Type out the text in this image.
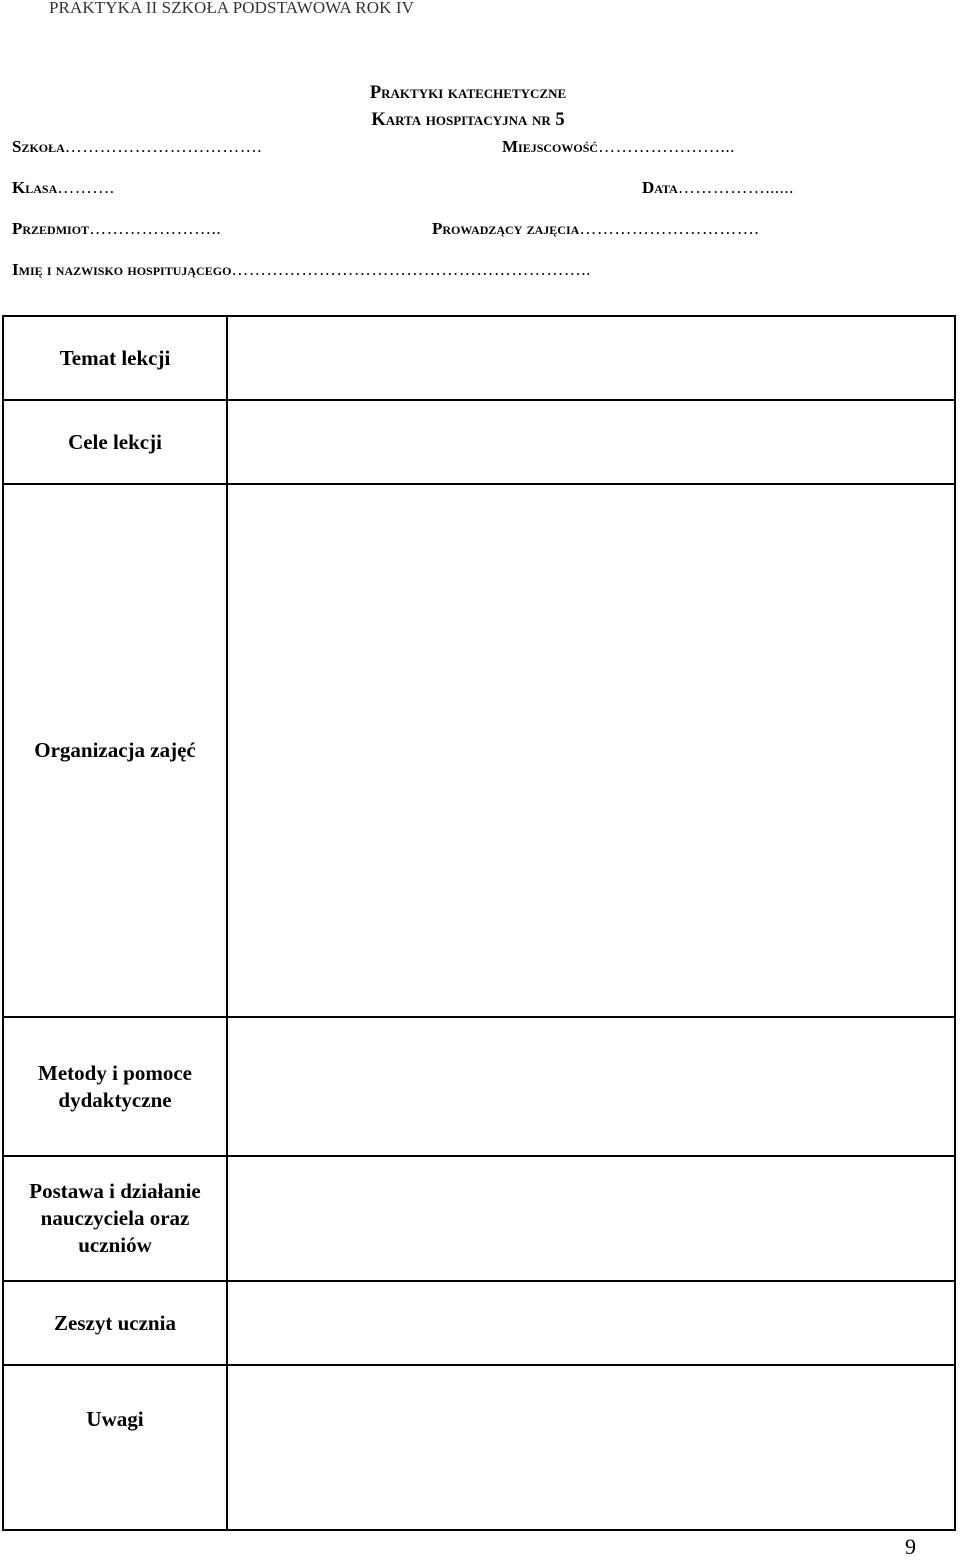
PRAKTYKA II SZKOŁA PODSTAWOWA ROK IV
Praktyki katechetyczne
Karta hospitacyjna nr 5
Szkoła…………………………….	Miejscowość…………………...
Klasa……….	Data……………......
Przedmiot…………………..	Prowadzący zajęcia………………………….
Imię i nazwisko hospitującego……………………………………………………..
Temat lekcji	
Cele lekcji	
Organizacja zajęć	
Metody i pomoce dydaktyczne	
Postawa i działanie nauczyciela oraz uczniów	
Zeszyt ucznia	
Uwagi	
9
